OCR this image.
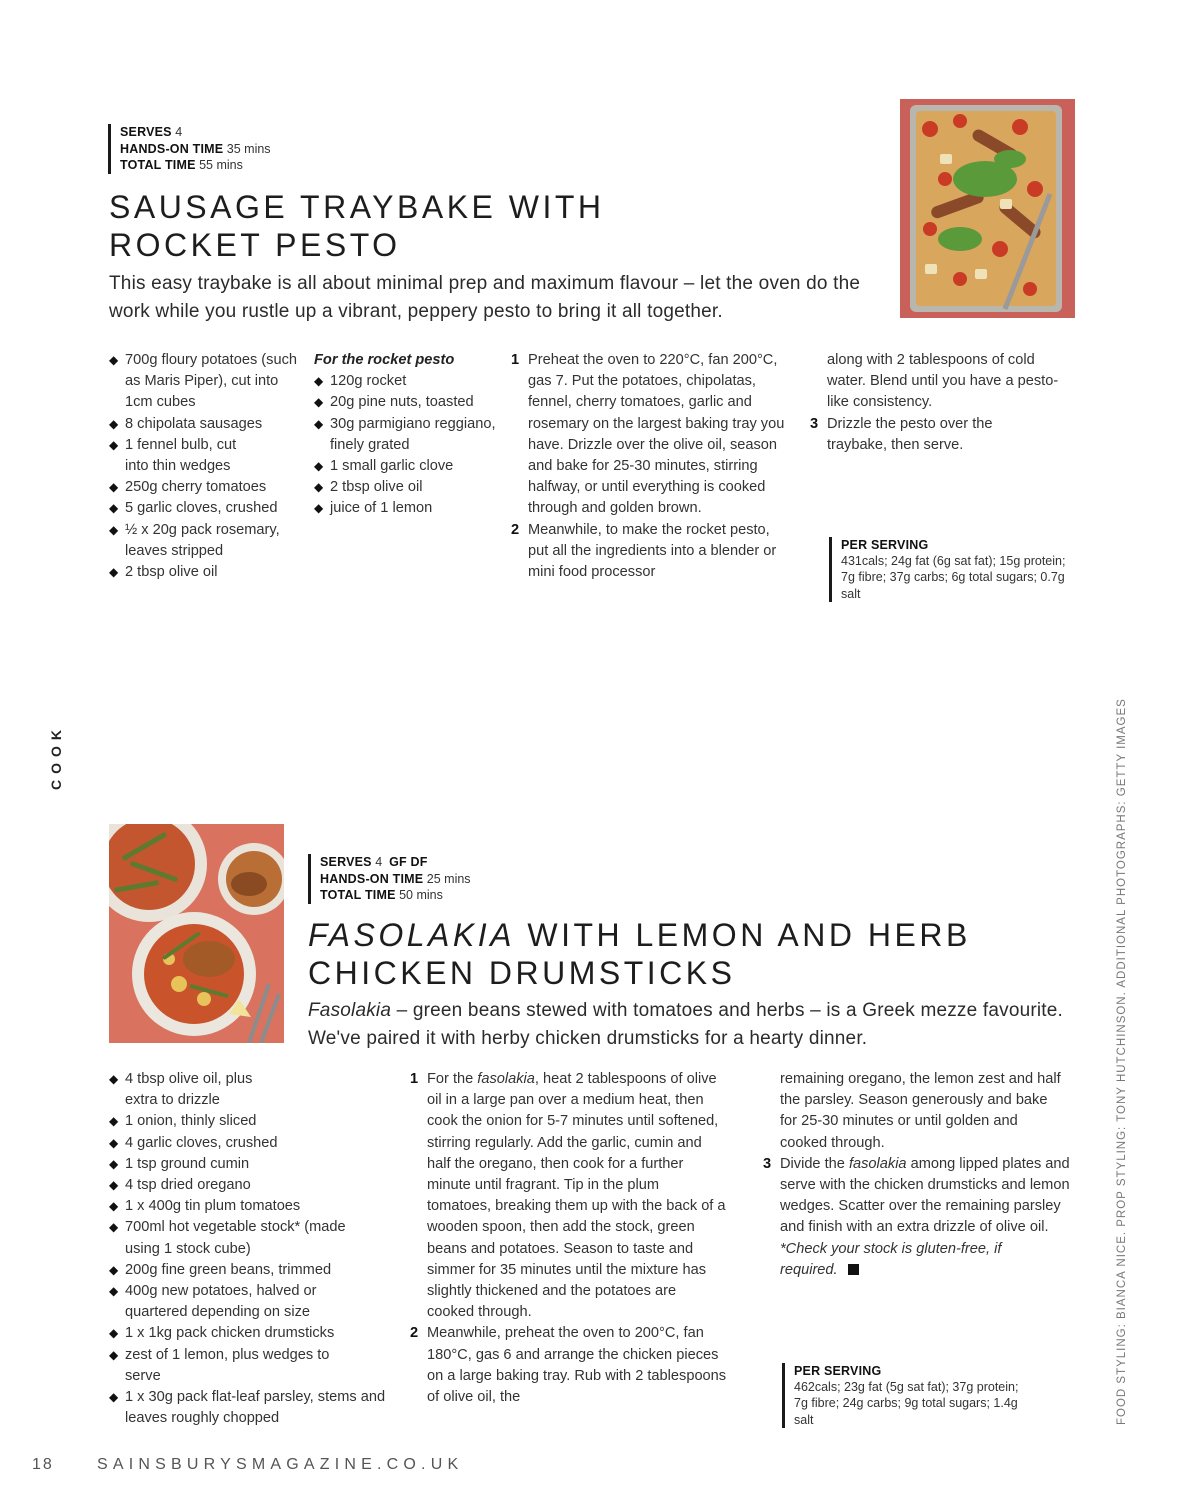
SERVES 4
HANDS-ON TIME 35 mins
TOTAL TIME 55 mins
SAUSAGE TRAYBAKE WITH
ROCKET PESTO
This easy traybake is all about minimal prep and maximum flavour – let the oven do the work while you rustle up a vibrant, peppery pesto to bring it all together.
◆ 700g floury potatoes (such as Maris Piper), cut into 1cm cubes
◆ 8 chipolata sausages
◆ 1 fennel bulb, cut into thin wedges
◆ 250g cherry tomatoes
◆ 5 garlic cloves, crushed
◆ ½ x 20g pack rosemary, leaves stripped
◆ 2 tbsp olive oil
For the rocket pesto
◆ 120g rocket
◆ 20g pine nuts, toasted
◆ 30g parmigiano reggiano, finely grated
◆ 1 small garlic clove
◆ 2 tbsp olive oil
◆ juice of 1 lemon
1 Preheat the oven to 220°C, fan 200°C, gas 7. Put the potatoes, chipolatas, fennel, cherry tomatoes, garlic and rosemary on the largest baking tray you have. Drizzle over the olive oil, season and bake for 25-30 minutes, stirring halfway, or until everything is cooked through and golden brown.
2 Meanwhile, to make the rocket pesto, put all the ingredients into a blender or mini food processor
along with 2 tablespoons of cold water. Blend until you have a pesto-like consistency.
3 Drizzle the pesto over the traybake, then serve.
PER SERVING
431cals; 24g fat (6g sat fat); 15g protein; 7g fibre; 37g carbs; 6g total sugars; 0.7g salt
COOK
SERVES 4 GF DF
HANDS-ON TIME 25 mins
TOTAL TIME 50 mins
FASOLAKIA WITH LEMON AND HERB
CHICKEN DRUMSTICKS
Fasolakia – green beans stewed with tomatoes and herbs – is a Greek mezze favourite. We've paired it with herby chicken drumsticks for a hearty dinner.
◆ 4 tbsp olive oil, plus extra to drizzle
◆ 1 onion, thinly sliced
◆ 4 garlic cloves, crushed
◆ 1 tsp ground cumin
◆ 4 tsp dried oregano
◆ 1 x 400g tin plum tomatoes
◆ 700ml hot vegetable stock* (made using 1 stock cube)
◆ 200g fine green beans, trimmed
◆ 400g new potatoes, halved or quartered depending on size
◆ 1 x 1kg pack chicken drumsticks
◆ zest of 1 lemon, plus wedges to serve
◆ 1 x 30g pack flat-leaf parsley, stems and leaves roughly chopped
1 For the fasolakia, heat 2 tablespoons of olive oil in a large pan over a medium heat, then cook the onion for 5-7 minutes until softened, stirring regularly. Add the garlic, cumin and half the oregano, then cook for a further minute until fragrant. Tip in the plum tomatoes, breaking them up with the back of a wooden spoon, then add the stock, green beans and potatoes. Season to taste and simmer for 35 minutes until the mixture has slightly thickened and the potatoes are cooked through.
2 Meanwhile, preheat the oven to 200°C, fan 180°C, gas 6 and arrange the chicken pieces on a large baking tray. Rub with 2 tablespoons of olive oil, the
remaining oregano, the lemon zest and half the parsley. Season generously and bake for 25-30 minutes or until golden and cooked through.
3 Divide the fasolakia among lipped plates and serve with the chicken drumsticks and lemon wedges. Scatter over the remaining parsley and finish with an extra drizzle of olive oil.
*Check your stock is gluten-free, if required.
PER SERVING
462cals; 23g fat (5g sat fat); 37g protein; 7g fibre; 24g carbs; 9g total sugars; 1.4g salt	FOOD STYLING: BIANCA NICE. PROP STYLING: TONY HUTCHINSON. ADDITIONAL PHOTOGRAPHS: GETTY IMAGES
18	SAINSBURYSMAGAZINE.CO.UK
